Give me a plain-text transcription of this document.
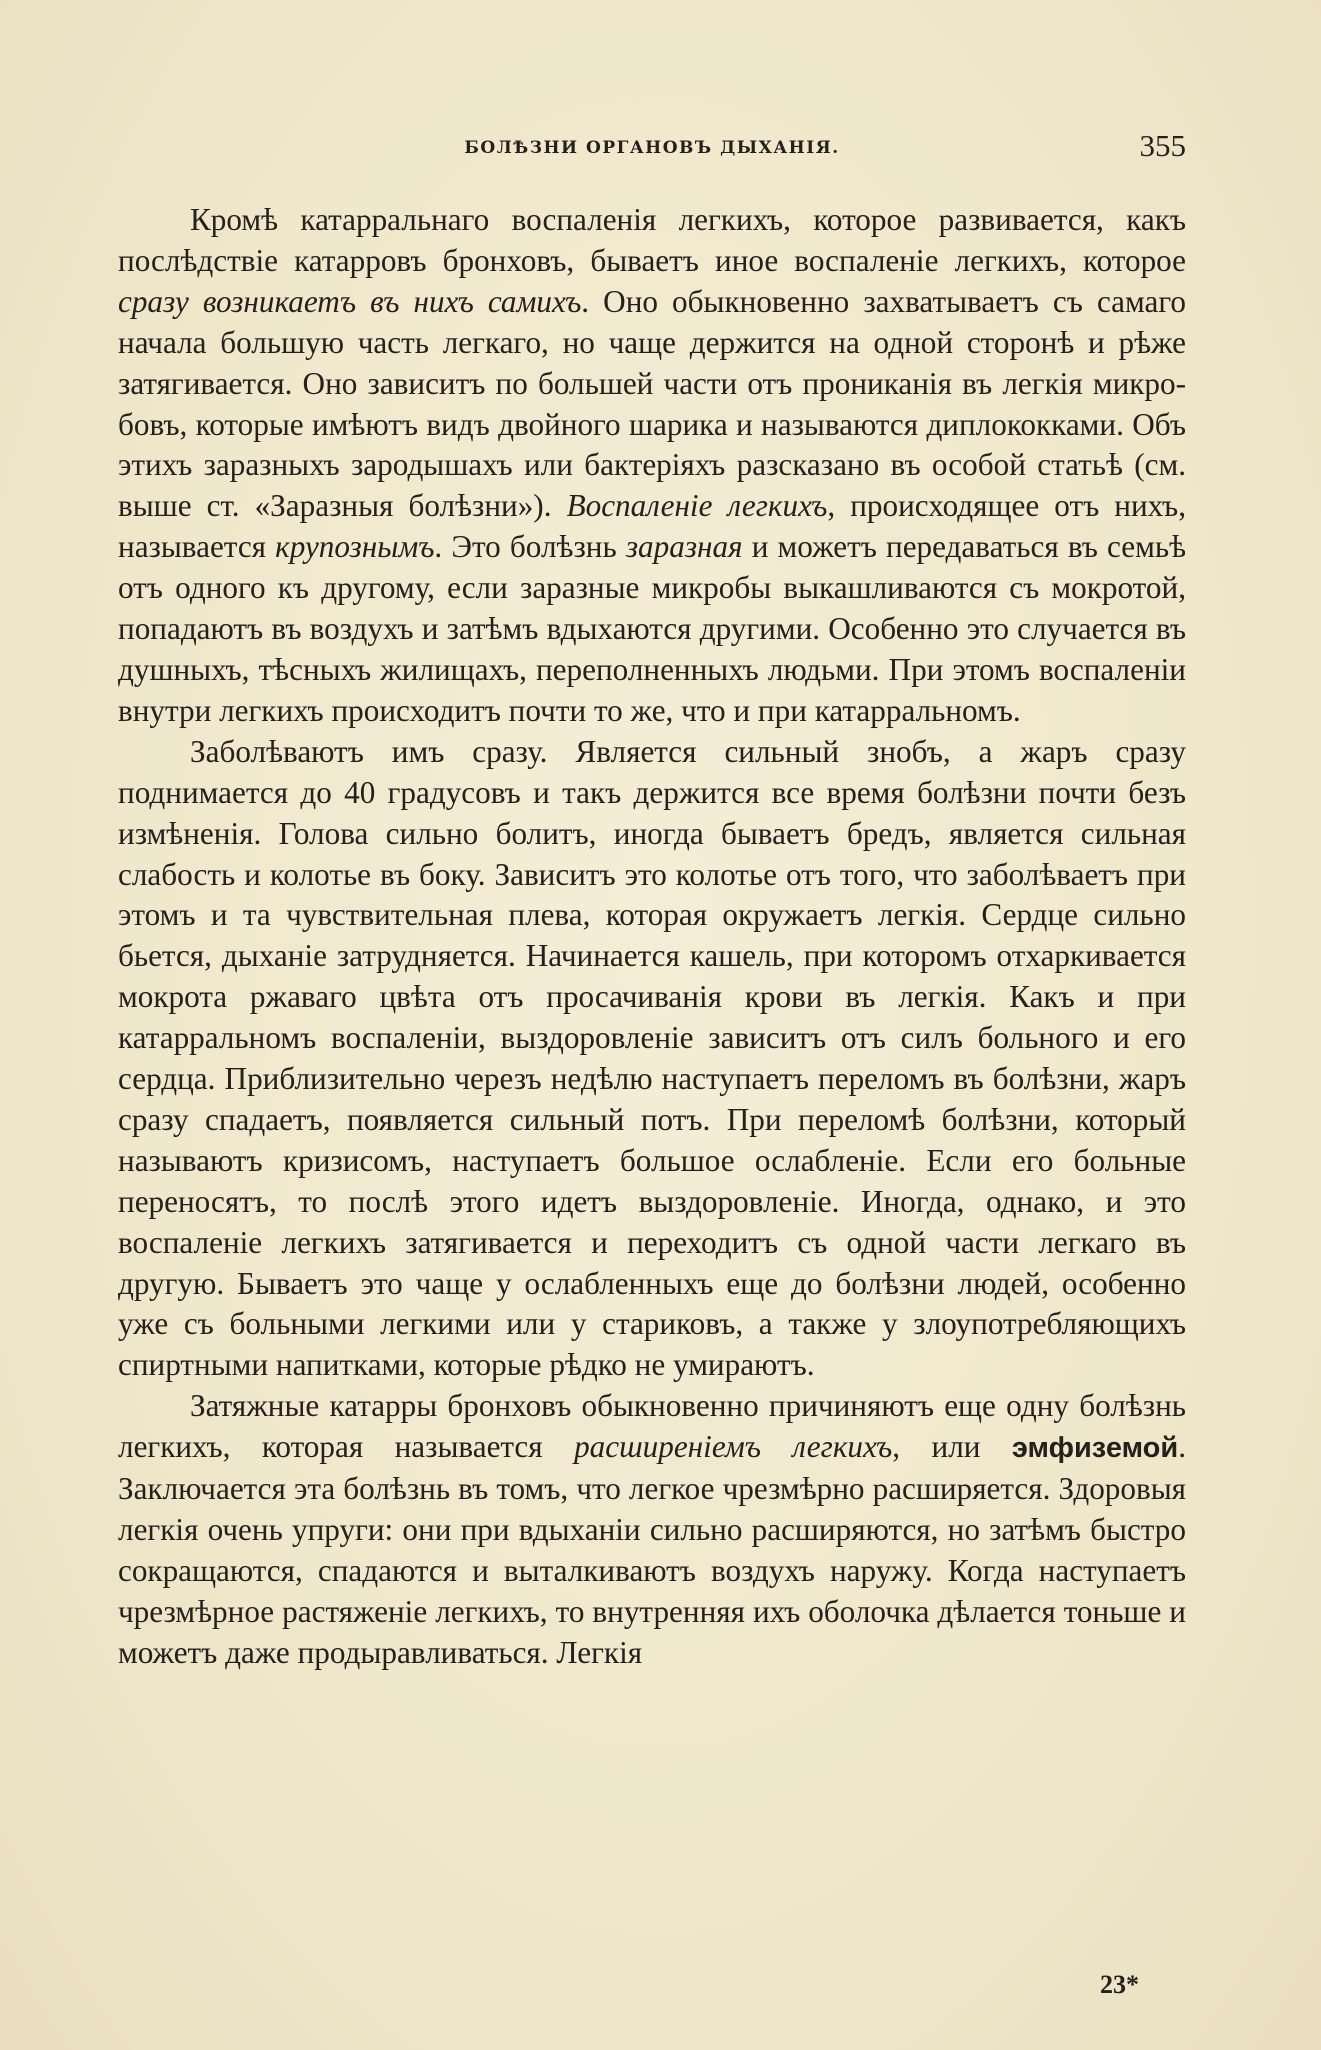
БОЛѢЗНИ ОРГАНОВЪ ДЫХАНІЯ.	355

Кромѣ катарральнаго воспаленія легкихъ, которое развивается, какъ послѣдствіе катарровъ бронховъ, бываетъ иное воспаленіе легкихъ, которое сразу возникаетъ въ нихъ самихъ. Оно обыкновенно захватываетъ съ самаго начала большую часть легкаго, но чаще держится на одной сторонѣ и рѣже затягивается. Оно зависитъ по большей части отъ прониканія въ легкія микробовъ, которые имѣютъ видъ двойного шарика и называются диплококками. Объ этихъ заразныхъ зародышахъ или бактеріяхъ разсказано въ особой статьѣ (см. выше ст. «Заразныя болѣзни»). Воспаленіе легкихъ, происходящее отъ нихъ, называется крупознымъ. Это болѣзнь заразная и можетъ передаваться въ семьѣ отъ одного къ другому, если заразные микробы выкашливаются съ мокротой, попадаютъ въ воздухъ и затѣмъ вдыхаются другими. Особенно это случается въ душныхъ, тѣсныхъ жилищахъ, переполненныхъ людьми. При этомъ воспаленіи внутри легкихъ происходитъ почти то же, что и при катарральномъ.

Заболѣваютъ имъ сразу. Является сильный знобъ, а жаръ сразу поднимается до 40 градусовъ и такъ держится все время болѣзни почти безъ измѣненія. Голова сильно болитъ, иногда бываетъ бредъ, является сильная слабость и колотье въ боку. Зависитъ это колотье отъ того, что заболѣваетъ при этомъ и та чувствительная плева, которая окружаетъ легкія. Сердце сильно бьется, дыханіе затрудняется. Начинается кашель, при которомъ отхаркивается мокрота ржаваго цвѣта отъ просачиванія крови въ легкія. Какъ и при катарральномъ воспаленіи, выздоровленіе зависитъ отъ силъ больного и его сердца. Приблизительно черезъ недѣлю наступаетъ переломъ въ болѣзни, жаръ сразу спадаетъ, появляется сильный потъ. При переломѣ болѣзни, который называютъ кризисомъ, наступаетъ большое ослабленіе. Если его больные переносятъ, то послѣ этого идетъ выздоровленіе. Иногда, однако, и это воспаленіе легкихъ затягивается и переходитъ съ одной части легкаго въ другую. Бываетъ это чаще у ослабленныхъ еще до болѣзни людей, особенно уже съ больными легкими или у стариковъ, а также у злоупотребляющихъ спиртными напитками, которые рѣдко не умираютъ.

Затяжные катарры бронховъ обыкновенно причиняютъ еще одну болѣзнь легкихъ, которая называется расширеніемъ легкихъ, или эмфиземой. Заключается эта болѣзнь въ томъ, что легкое чрезмѣрно расширяется. Здоровыя легкія очень упруги: они при вдыханіи сильно расширяются, но затѣмъ быстро сокращаются, спадаются и выталкиваютъ воздухъ наружу. Когда наступаетъ чрезмѣрное растяженіе легкихъ, то внутренняя ихъ оболочка дѣлается тоньше и можетъ даже продыравливаться. Легкія

23*
